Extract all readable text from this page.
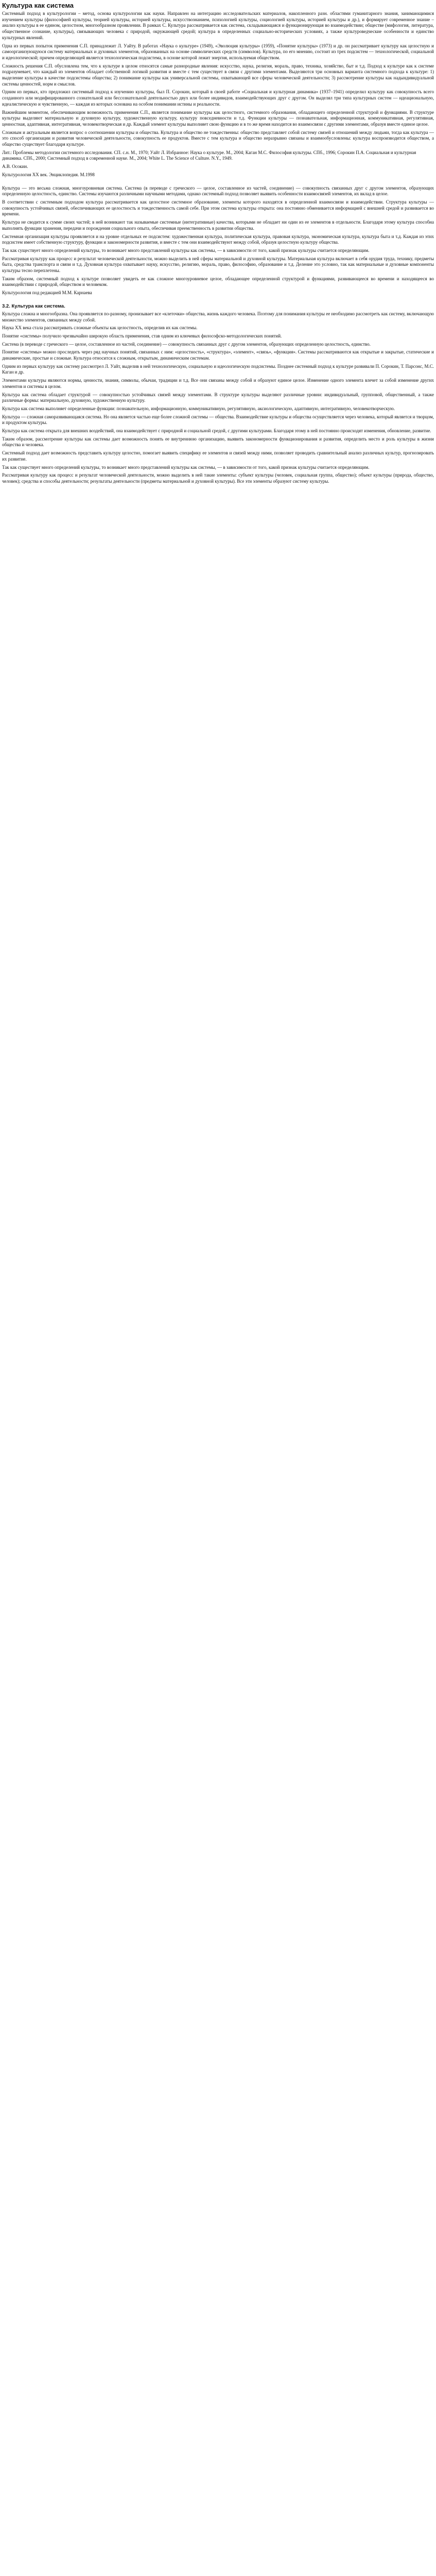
Культура как система

Системный подход в культурологии – метод, основа культурологии как науки. Направлен на интеграцию исследовательских материалов, накопленного разн. областями гуманитарного знания, занимающимися изучением культуры (философией культуры, теорией культуры, историей культуры, искусствознанием, психологией культуры, социологией культуры, историей культуры и др.), и формирует современное знание – анализ культуры в ее едином, целостном, многообразном проявлении. В рамках С. Культура рассматривается как система, складывающаяся и функционирующая во взаимодействии; обществе (мифология, литература, общественное сознание, культуры), связывающих человека с природой, окружающей средой; культура в определенных социально-исторических условиях, а также культуроведческие особенности и единство культурных явлений.

Одна из первых попыток применения С.П. принадлежит Л. Уайту. В работах «Наука о культуре» (1949), «Эволюция культуры» (1959), «Понятие культуры» (1973) и др. он рассматривает культуру как целостную и самоорганизующуюся систему материальных и духовных элементов, образованных на основе символических средств (символов). Культура, по его мнению, состоит из трех подсистем — технологической, социальной и идеологической; причем определяющей является технологическая подсистема, в основе которой лежит энергия, используемая обществом.

Сложность решения С.П. обусловлена тем, что к культуре в целом относятся самые разнородные явления: искусство, наука, религия, мораль, право, техника, хозяйство, быт и т.д. Подход к культуре как к системе подразумевает, что каждый из элементов обладает собственной логикой развития и вместе с тем существует в связи с другими элементами. Выделяются три основных варианта системного подхода к культуре: 1) выделение культуры в качестве подсистемы общества; 2) понимание культуры как универсальной системы, охватывающей все сферы человеческой деятельности; 3) рассмотрение культуры как надындивидуальной системы ценностей, норм и смыслов.

Одним из первых, кто предложил системный подход к изучению культуры, был П. Сорокин, который в своей работе «Социальная и культурная динамика» (1937–1941) определил культуру как совокупность всего созданного или модифицированного сознательной или бессознательной деятельностью двух или более индивидов, взаимодействующих друг с другом. Он выделял три типа культурных систем — идеациональную, идеалистическую и чувственную, — каждая из которых основана на особом понимании истины и реальности.

Важнейшим моментом, обеспечивающим возможность применения С.П., является понимание культуры как целостного, системного образования, обладающего определенной структурой и функциями. В структуре культуры выделяют материальную и духовную культуру, художественную культуру, культуру повседневности и т.д. Функции культуры — познавательная, информационная, коммуникативная, регулятивная, ценностная, адаптивная, интегративная, человекотворческая и др. Каждый элемент культуры выполняет свою функцию и в то же время находится во взаимосвязи с другими элементами, образуя вместе единое целое.

Сложным и актуальным является вопрос о соотношении культуры и общества. Культура и общество не тождественны: общество представляет собой систему связей и отношений между людьми, тогда как культура — это способ организации и развития человеческой деятельности, совокупность ее продуктов. Вместе с тем культура и общество неразрывно связаны и взаимообусловлены: культура воспроизводится обществом, а общество существует благодаря культуре.

Лит.: Проблемы методологии системного исследования. СП. с.н. М., 1970; Уайт Л. Избранное: Наука о культуре. М., 2004; Каган М.С. Философия культуры. СПб., 1996; Сорокин П.А. Социальная и культурная динамика. СПб., 2000; Системный подход в современной науке. М., 2004; White L. The Science of Culture. N.Y., 1949.

А.В. Осокин.

Культурология XX век. Энциклопедия. М.1998

Культура — это весьма сложная, многоуровневая система. Система (в переводе с греческого — целое, составленное из частей, соединение) — совокупность связанных друг с другом элементов, образующих определенную целостность, единство. Системы изучаются различными научными методами, однако системный подход позволяет выявить особенности взаимосвязей элементов, их вклад в целое.

В соответствии с системным подходом культура рассматривается как целостное системное образование, элементы которого находятся в определенной взаимосвязи и взаимодействии. Структура культуры — совокупность устойчивых связей, обеспечивающих ее целостность и тождественность самой себе. При этом система культуры открыта: она постоянно обменивается информацией с внешней средой и развивается во времени.

Культура не сводится к сумме своих частей; в ней возникают так называемые системные (интегративные) качества, которыми не обладает ни один из ее элементов в отдельности. Благодаря этому культура способна выполнять функции хранения, передачи и порождения социального опыта, обеспечивая преемственность в развитии общества.

Системная организация культуры проявляется и на уровне отдельных ее подсистем: художественная культура, политическая культура, правовая культура, экономическая культура, культура быта и т.д. Каждая из этих подсистем имеет собственную структуру, функции и закономерности развития, и вместе с тем они взаимодействуют между собой, образуя целостную культуру общества.

Так как существует много определений культуры, то возникает много представлений культуры как системы, — в зависимости от того, какой признак культуры считается определяющим.

Рассматривая культуру как процесс и результат человеческой деятельности, можно выделить в ней сферы материальной и духовной культуры. Материальная культура включает в себя орудия труда, технику, предметы быта, средства транспорта и связи и т.д. Духовная культура охватывает науку, искусство, религию, мораль, право, философию, образование и т.д. Деление это условно, так как материальные и духовные компоненты культуры тесно переплетены.

Таким образом, системный подход к культуре позволяет увидеть ее как сложное многоуровневое целое, обладающее определенной структурой и функциями, развивающееся во времени и находящееся во взаимодействии с природой, обществом и человеком.

Культурология под редакцией М.М. Карнаева

3.2. Культура как система.

Культура сложна и многообразна. Она проявляется по-разному, пронизывает все «клеточки» общества, жизнь каждого человека. Поэтому для понимания культуры ее необходимо рассмотреть как систему, включающую множество элементов, связанных между собой.

Наука XX века стала рассматривать сложные объекты как целостность, определив их как системы.

Понятие «системы» получило чрезвычайно широкую область применения, став одним из ключевых философско-методологических понятий.

Система (в переводе с греческого — целое, составленное из частей, соединение) — совокупность связанных друг с другом элементов, образующих определенную целостность, единство.

Понятие «системы» можно проследить через ряд научных понятий, связанных с ним: «целостность», «структура», «элемент», «связь», «функция». Системы рассматриваются как открытые и закрытые, статические и динамические, простые и сложные. Культура относится к сложным, открытым, динамическим системам.

Одним из первых культуру как систему рассмотрел Л. Уайт, выделив в ней технологическую, социальную и идеологическую подсистемы. Позднее системный подход к культуре развивали П. Сорокин, Т. Парсонс, М.С. Каган и др.

Элементами культуры являются нормы, ценности, знания, символы, обычаи, традиции и т.д. Все они связаны между собой и образуют единое целое. Изменение одного элемента влечет за собой изменение других элементов и системы в целом.

Культура как система обладает структурой — совокупностью устойчивых связей между элементами. В структуре культуры выделяют различные уровни: индивидуальный, групповой, общественный, а также различные формы: материальную, духовную, художественную культуру.

Культура как система выполняет определенные функции: познавательную, информационную, коммуникативную, регулятивную, аксиологическую, адаптивную, интегративную, человекотворческую.

Культура — сложная саморазвивающаяся система. Но она является частью еще более сложной системы — общества. Взаимодействие культуры и общества осуществляется через человека, который является и творцом, и продуктом культуры.

Культура как система открыта для внешних воздействий, она взаимодействует с природной и социальной средой, с другими культурами. Благодаря этому в ней постоянно происходят изменения, обновление, развитие.

Таким образом, рассмотрение культуры как системы дает возможность понять ее внутреннюю организацию, выявить закономерности функционирования и развития, определить место и роль культуры в жизни общества и человека.

Системный подход дает возможность представить культуру целостно, помогает выявить специфику ее элементов и связей между ними, позволяет проводить сравнительный анализ различных культур, прогнозировать их развитие.

Так как существует много определений культуры, то возникает много представлений культуры как системы, — в зависимости от того, какой признак культуры считается определяющим.

Рассматривая культуру как процесс и результат человеческой деятельности, можно выделить в ней такие элементы: субъект культуры (человек, социальная группа, общество); объект культуры (природа, общество, человек); средства и способы деятельности; результаты деятельности (предметы материальной и духовной культуры). Все эти элементы образуют систему культуры.
